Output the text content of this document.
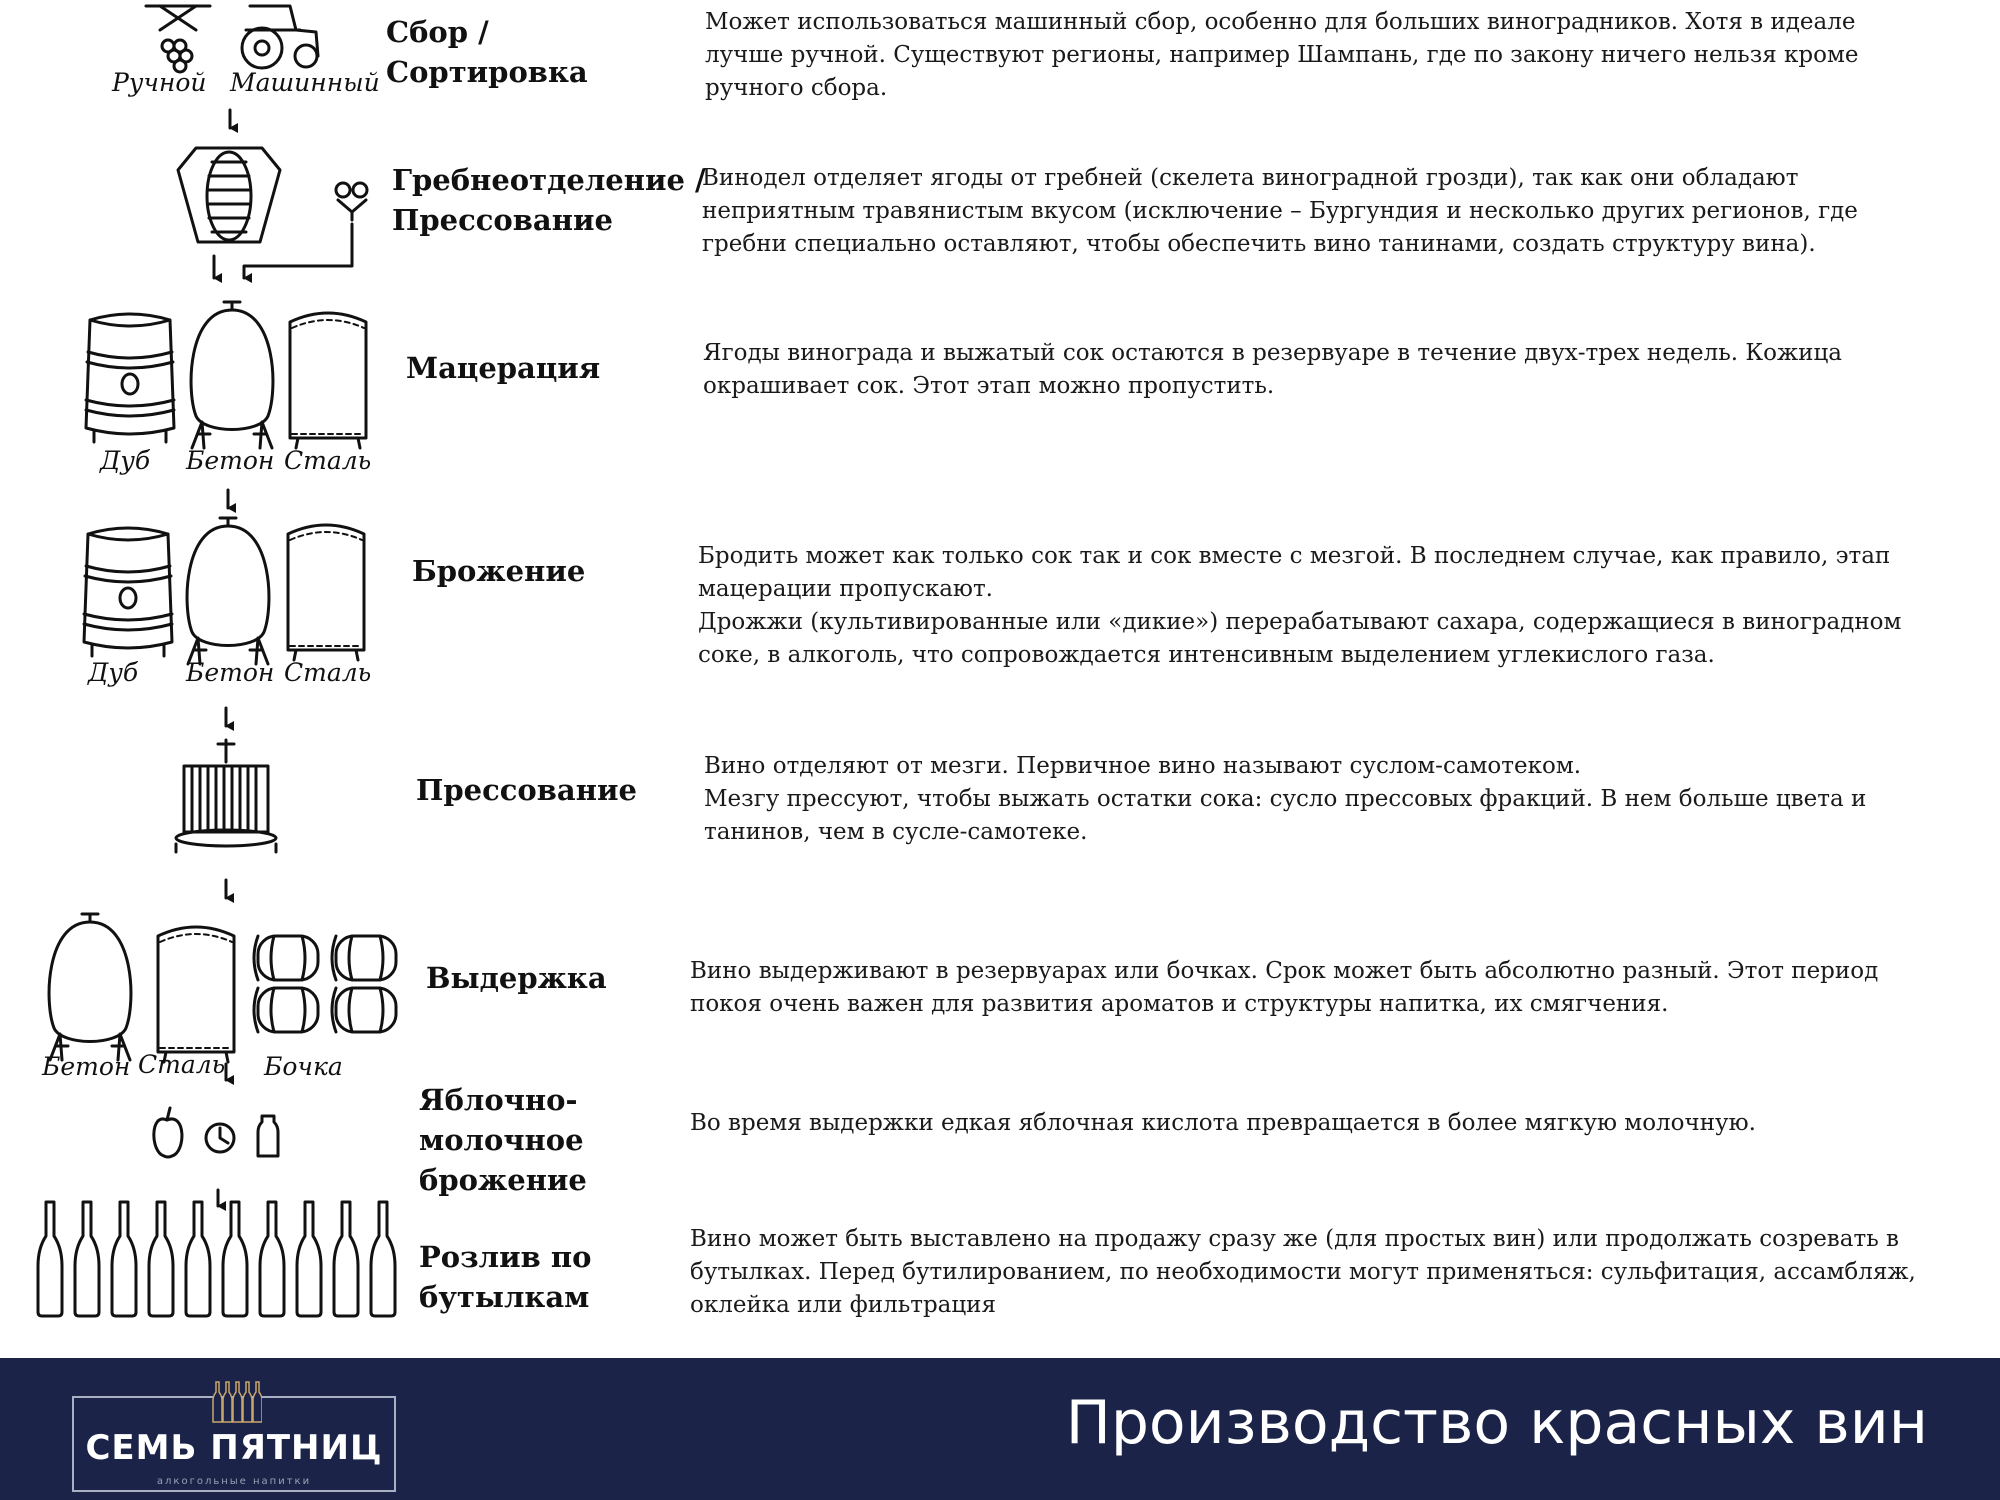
Ручной Машинный
Дуб Бетон Сталь
Дуб Бетон Сталь
Бетон Сталь Бочка
Сбор /
Сортировка
Гребнеотделение /
Прессование
Мацерация
Брожение
Прессование
Выдержка
Яблочно-
молочное
брожение
Розлив по
бутылкам
Может использоваться машинный сбор, особенно для больших виноградников. Хотя в идеале
лучше ручной. Существуют регионы, например Шампань, где по закону ничего нельзя кроме
ручного сбора.
Винодел отделяет ягоды от гребней (скелета виноградной грозди), так как они обладают
неприятным травянистым вкусом (исключение – Бургундия и несколько других регионов, где
гребни специально оставляют, чтобы обеспечить вино танинами, создать структуру вина).
Ягоды винограда и выжатый сок остаются в резервуаре в течение двух-трех недель. Кожица
окрашивает сок. Этот этап можно пропустить.
Бродить может как только сок так и сок вместе с мезгой. В последнем случае, как правило, этап
мацерации пропускают.
Дрожжи (культивированные или «дикие») перерабатывают сахара, содержащиеся в виноградном
соке, в алкоголь, что сопровождается интенсивным выделением углекислого газа.
Вино отделяют от мезги. Первичное вино называют суслом-самотеком.
Мезгу прессуют, чтобы выжать остатки сока: сусло прессовых фракций. В нем больше цвета и
танинов, чем в сусле-самотеке.
Вино выдерживают в резервуарах или бочках. Срок может быть абсолютно разный. Этот период
покоя очень важен для развития ароматов и структуры напитка, их смягчения.
Во время выдержки едкая яблочная кислота превращается в более мягкую молочную.
Вино может быть выставлено на продажу сразу же (для простых вин) или продолжать созревать в
бутылках. Перед бутилированием, по необходимости могут применяться: сульфитация, ассамбляж,
оклейка или фильтрация
СЕМЬ ПЯТНИЦ
алкогольные напитки
Производство красных вин
